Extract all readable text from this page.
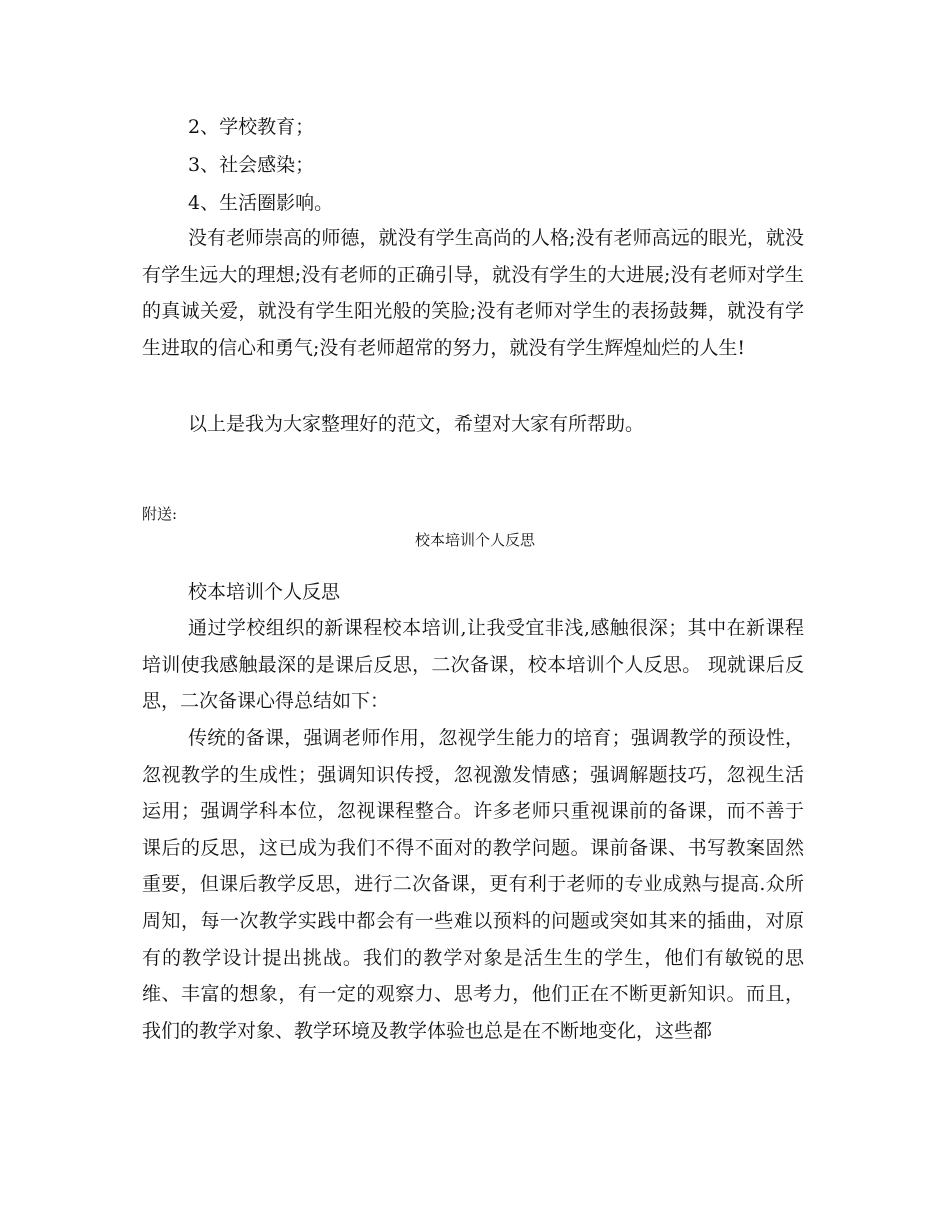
2、学校教育；
3、社会感染；
4、生活圈影响。

没有老师崇高的师德，就没有学生高尚的人格;没有老师高远的眼光，就没有学生远大的理想;没有老师的正确引导，就没有学生的大进展;没有老师对学生的真诚关爱，就没有学生阳光般的笑脸;没有老师对学生的表扬鼓舞，就没有学生进取的信心和勇气;没有老师超常的努力，就没有学生辉煌灿烂的人生!

以上是我为大家整理好的范文，希望对大家有所帮助。

附送:
校本培训个人反思
校本培训个人反思

通过学校组织的新课程校本培训,让我受宜非浅,感触很深；其中在新课程培训使我感触最深的是课后反思，二次备课，校本培训个人反思。 现就课后反思，二次备课心得总结如下：

传统的备课，强调老师作用，忽视学生能力的培育；强调教学的预设性，忽视教学的生成性；强调知识传授，忽视激发情感；强调解题技巧，忽视生活运用；强调学科本位，忽视课程整合。许多老师只重视课前的备课，而不善于课后的反思，这已成为我们不得不面对的教学问题。课前备课、书写教案固然重要，但课后教学反思，进行二次备课，更有利于老师的专业成熟与提高.众所周知，每一次教学实践中都会有一些难以预料的问题或突如其来的插曲，对原有的教学设计提出挑战。我们的教学对象是活生生的学生，他们有敏锐的思维、丰富的想象，有一定的观察力、思考力，他们正在不断更新知识。而且，我们的教学对象、教学环境及教学体验也总是在不断地变化，这些都
